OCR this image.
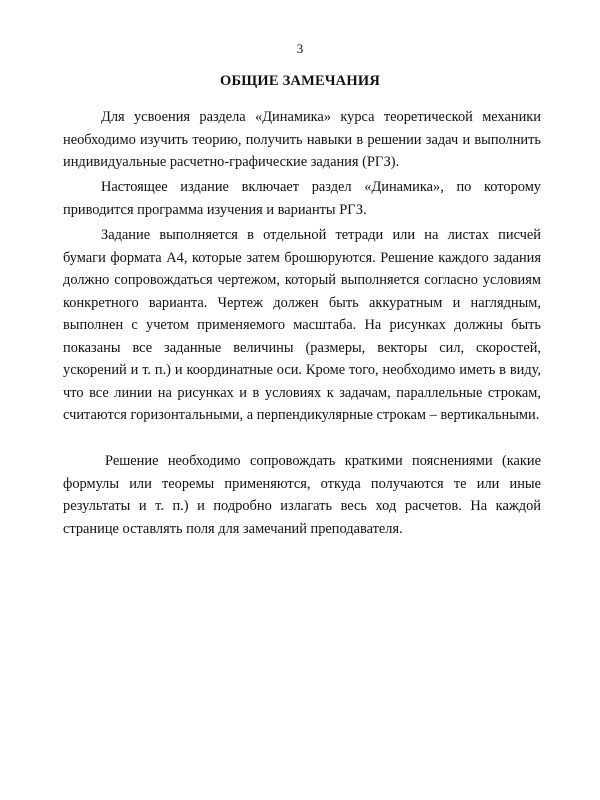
3
ОБЩИЕ ЗАМЕЧАНИЯ

Для усвоения раздела «Динамика» курса теоретической механики необходимо изучить теорию, получить навыки в решении задач и выполнить индивидуальные расчетно-графические задания (РГЗ).

Настоящее издание включает раздел «Динамика», по которому приводится программа изучения и варианты РГЗ.

Задание выполняется в отдельной тетради или на листах писчей бумаги формата А4, которые затем брошюруются. Решение каждого задания должно сопровождаться чертежом, который выполняется согласно условиям конкретного варианта. Чертеж должен быть аккуратным и наглядным, выполнен с учетом применяемого масштаба. На рисунках должны быть показаны все заданные величины (размеры, векторы сил, скоростей, ускорений и т. п.) и координатные оси. Кроме того, необходимо иметь в виду, что все линии на рисунках и в условиях к задачам, параллельные строкам, считаются горизонтальными, а перпендикулярные строкам – вертикальными.

Решение необходимо сопровождать краткими пояснениями (какие формулы или теоремы применяются, откуда получаются те или иные результаты и т. п.) и подробно излагать весь ход расчетов. На каждой странице оставлять поля для замечаний преподавателя.
